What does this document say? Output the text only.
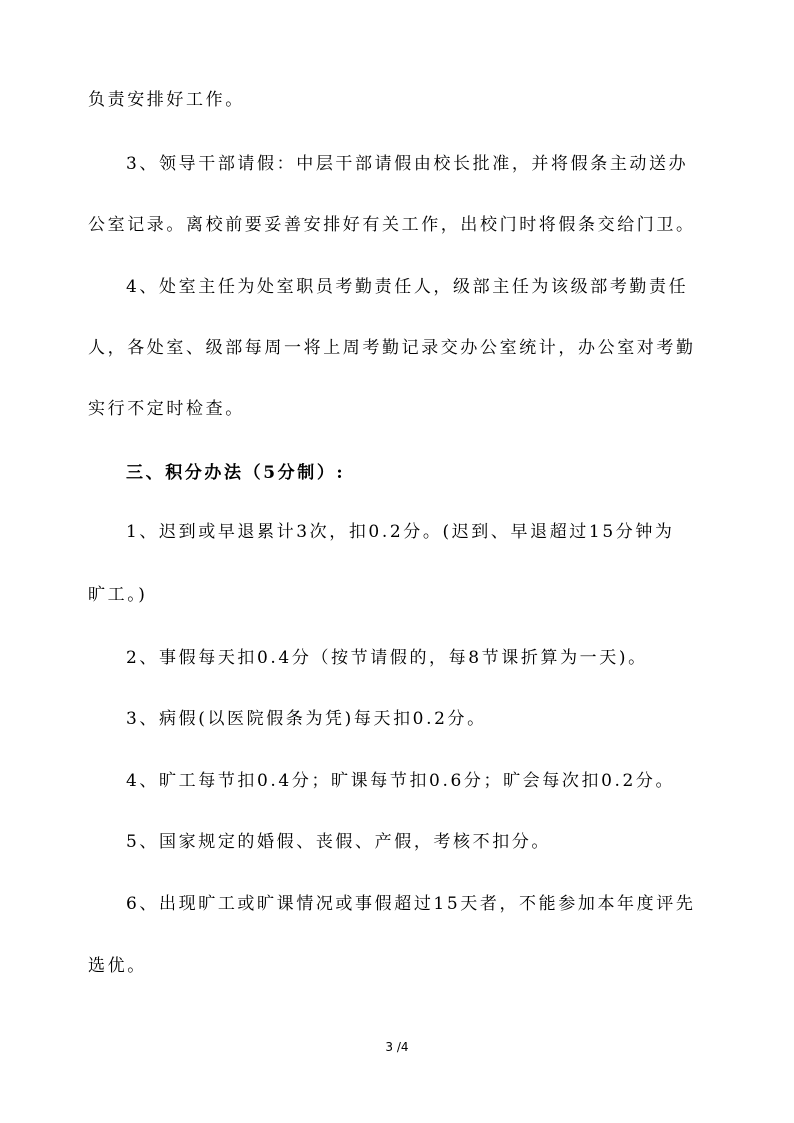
负责安排好工作。
3、领导干部请假：中层干部请假由校长批准，并将假条主动送办
公室记录。离校前要妥善安排好有关工作，出校门时将假条交给门卫。
4、处室主任为处室职员考勤责任人，级部主任为该级部考勤责任
人，各处室、级部每周一将上周考勤记录交办公室统计，办公室对考勤
实行不定时检查。
三、积分办法（5分制）:
1、迟到或早退累计3次，扣0.2分。(迟到、早退超过15分钟为
旷工。)
2、事假每天扣0.4分（按节请假的，每8节课折算为一天)。
3、病假(以医院假条为凭)每天扣0.2分。
4、旷工每节扣0.4分；旷课每节扣0.6分；旷会每次扣0.2分。
5、国家规定的婚假、丧假、产假，考核不扣分。
6、出现旷工或旷课情况或事假超过15天者，不能参加本年度评先
选优。
3 /4
